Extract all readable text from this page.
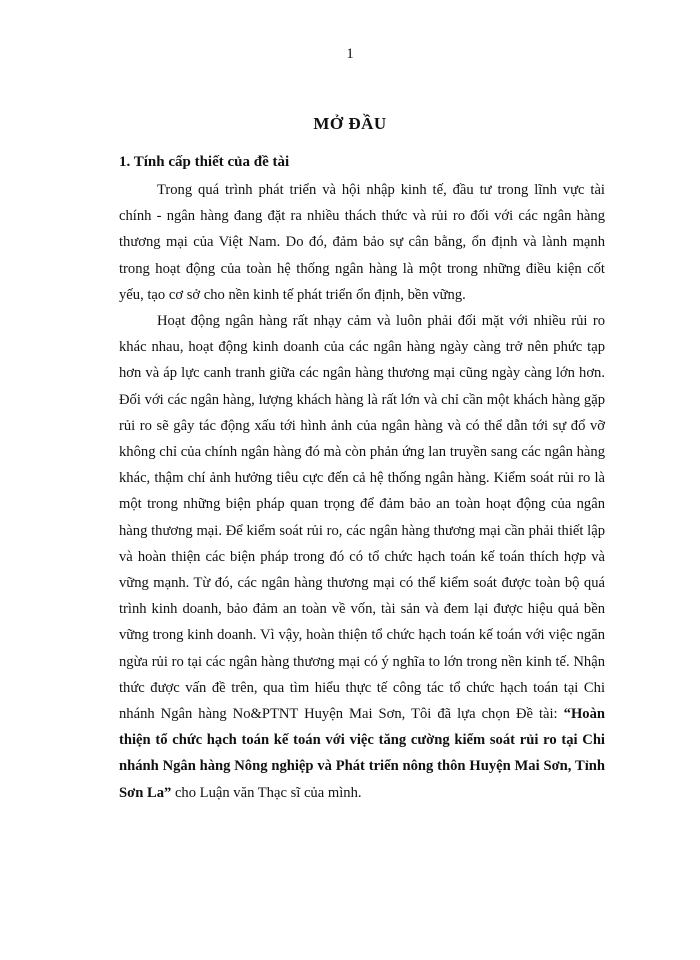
1
MỞ ĐẦU
1. Tính cấp thiết của đề tài

Trong quá trình phát triển và hội nhập kinh tế, đầu tư trong lĩnh vực tài chính - ngân hàng đang đặt ra nhiều thách thức và rủi ro đối với các ngân hàng thương mại của Việt Nam. Do đó, đảm bảo sự cân bằng, ổn định và lành mạnh trong hoạt động của toàn hệ thống ngân hàng là một trong những điều kiện cốt yếu, tạo cơ sở cho nền kinh tế phát triển ổn định, bền vững.

Hoạt động ngân hàng rất nhạy cảm và luôn phải đối mặt với nhiều rủi ro khác nhau, hoạt động kinh doanh của các ngân hàng ngày càng trở nên phức tạp hơn và áp lực canh tranh giữa các ngân hàng thương mại cũng ngày càng lớn hơn. Đối với các ngân hàng, lượng khách hàng là rất lớn và chỉ cần một khách hàng gặp rủi ro sẽ gây tác động xấu tới hình ảnh của ngân hàng và có thể dẫn tới sự đổ vỡ không chỉ của chính ngân hàng đó mà còn phản ứng lan truyền sang các ngân hàng khác, thậm chí ảnh hưởng tiêu cực đến cả hệ thống ngân hàng. Kiểm soát rủi ro là một trong những biện pháp quan trọng để đảm bảo an toàn hoạt động của ngân hàng thương mại. Để kiểm soát rủi ro, các ngân hàng thương mại cần phải thiết lập và hoàn thiện các biện pháp trong đó có tổ chức hạch toán kế toán thích hợp và vững mạnh. Từ đó, các ngân hàng thương mại có thể kiểm soát được toàn bộ quá trình kinh doanh, bảo đảm an toàn về vốn, tài sản và đem lại được hiệu quả bền vững trong kinh doanh. Vì vậy, hoàn thiện tổ chức hạch toán kế toán với việc ngăn ngừa rủi ro tại các ngân hàng thương mại có ý nghĩa to lớn trong nền kinh tế. Nhận thức được vấn đề trên, qua tìm hiểu thực tế công tác tổ chức hạch toán tại Chi nhánh Ngân hàng No&PTNT Huyện Mai Sơn, Tôi đã lựa chọn Đề tài: “Hoàn thiện tổ chức hạch toán kế toán với việc tăng cường kiểm soát rủi ro tại Chi nhánh Ngân hàng Nông nghiệp và Phát triển nông thôn Huyện Mai Sơn, Tỉnh Sơn La” cho Luận văn Thạc sĩ của mình.
